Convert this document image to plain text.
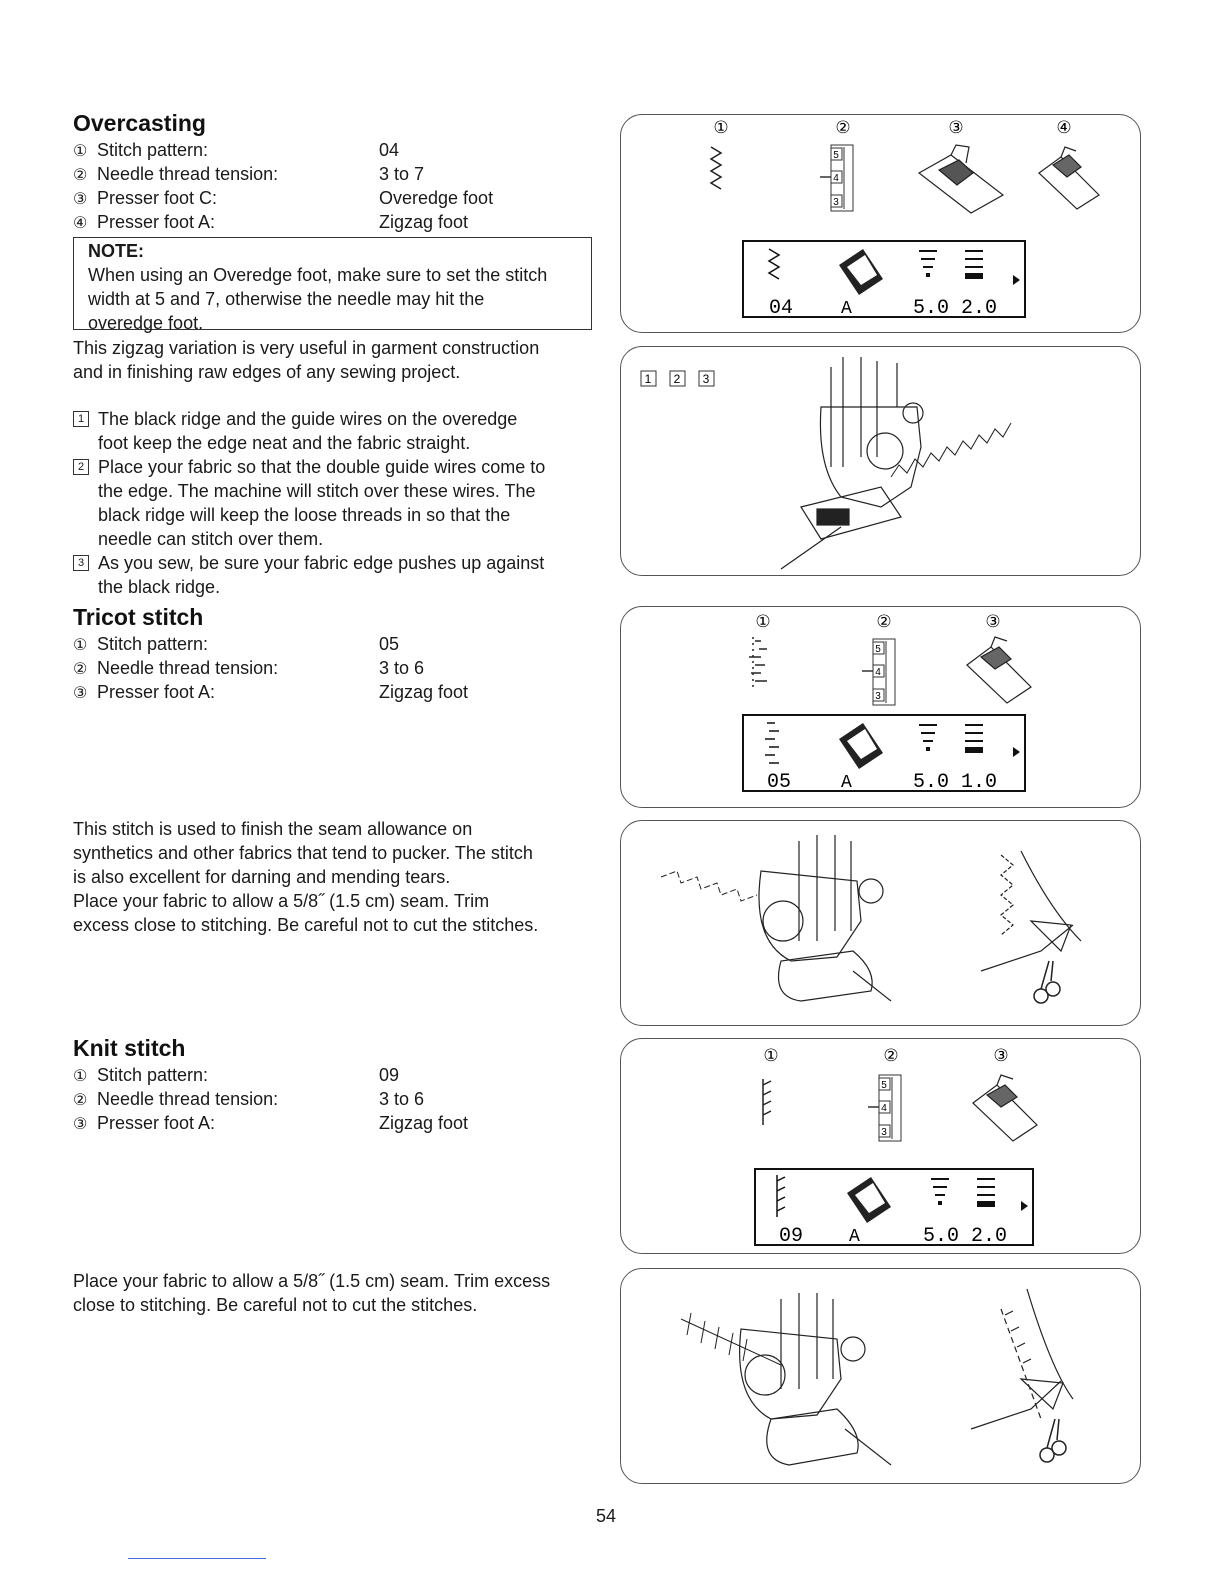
Overcasting
① Stitch pattern:	04
② Needle thread tension:	3 to 7
③ Presser foot C:	Overedge foot
④ Presser foot A:	Zigzag foot
NOTE:
When using an Overedge foot, make sure to set the stitch
width at 5 and 7, otherwise the needle may hit the
overedge foot.
This zigzag variation is very useful in garment construction
and in finishing raw edges of any sewing project.
1 The black ridge and the guide wires on the overedge
foot keep the edge neat and the fabric straight.
2 Place your fabric so that the double guide wires come to
the edge. The machine will stitch over these wires. The
black ridge will keep the loose threads in so that the
needle can stitch over them.
3 As you sew, be sure your fabric edge pushes up against
the black ridge.
①	②	③	④
5
4
3
04	A	5.0 2.0
1 2 3
Tricot stitch
① Stitch pattern:	05
② Needle thread tension:	3 to 6
③ Presser foot A:	Zigzag foot
This stitch is used to finish the seam allowance on
synthetics and other fabrics that tend to pucker. The stitch
is also excellent for darning and mending tears.
Place your fabric to allow a 5/8˝ (1.5 cm) seam. Trim
excess close to stitching. Be careful not to cut the stitches.
①	②	③
5
4
3
05	A	5.0 1.0
Knit stitch
① Stitch pattern:	09
② Needle thread tension:	3 to 6
③ Presser foot A:	Zigzag foot
Place your fabric to allow a 5/8˝ (1.5 cm) seam. Trim excess
close to stitching. Be careful not to cut the stitches.
①	②	③
5
4
3
09	A	5.0 2.0
54
